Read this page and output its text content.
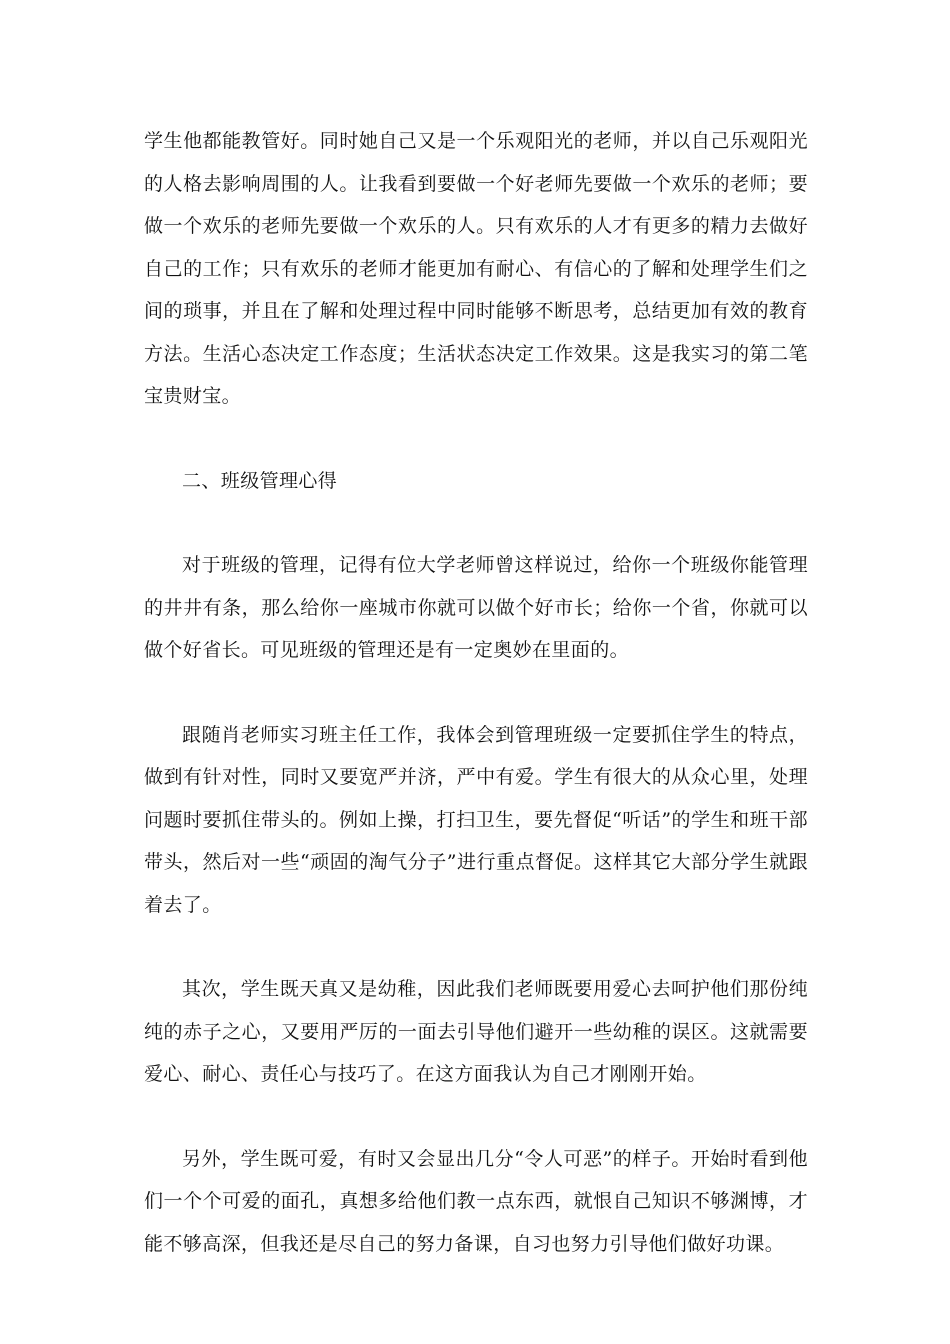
学生他都能教管好。同时她自己又是一个乐观阳光的老师，并以自己乐观阳光的人格去影响周围的人。让我看到要做一个好老师先要做一个欢乐的老师；要做一个欢乐的老师先要做一个欢乐的人。只有欢乐的人才有更多的精力去做好自己的工作；只有欢乐的老师才能更加有耐心、有信心的了解和处理学生们之间的琐事，并且在了解和处理过程中同时能够不断思考，总结更加有效的教育方法。生活心态决定工作态度；生活状态决定工作效果。这是我实习的第二笔宝贵财宝。

二、班级管理心得

对于班级的管理，记得有位大学老师曾这样说过，给你一个班级你能管理的井井有条，那么给你一座城市你就可以做个好市长；给你一个省，你就可以做个好省长。可见班级的管理还是有一定奥妙在里面的。

跟随肖老师实习班主任工作，我体会到管理班级一定要抓住学生的特点，做到有针对性，同时又要宽严并济，严中有爱。学生有很大的从众心里，处理问题时要抓住带头的。例如上操，打扫卫生，要先督促“听话”的学生和班干部带头，然后对一些“顽固的淘气分子”进行重点督促。这样其它大部分学生就跟着去了。

其次，学生既天真又是幼稚，因此我们老师既要用爱心去呵护他们那份纯纯的赤子之心，又要用严厉的一面去引导他们避开一些幼稚的误区。这就需要爱心、耐心、责任心与技巧了。在这方面我认为自己才刚刚开始。

另外，学生既可爱，有时又会显出几分“令人可恶”的样子。开始时看到他们一个个可爱的面孔，真想多给他们教一点东西，就恨自己知识不够渊博，才能不够高深，但我还是尽自己的努力备课，自习也努力引导他们做好功课。
